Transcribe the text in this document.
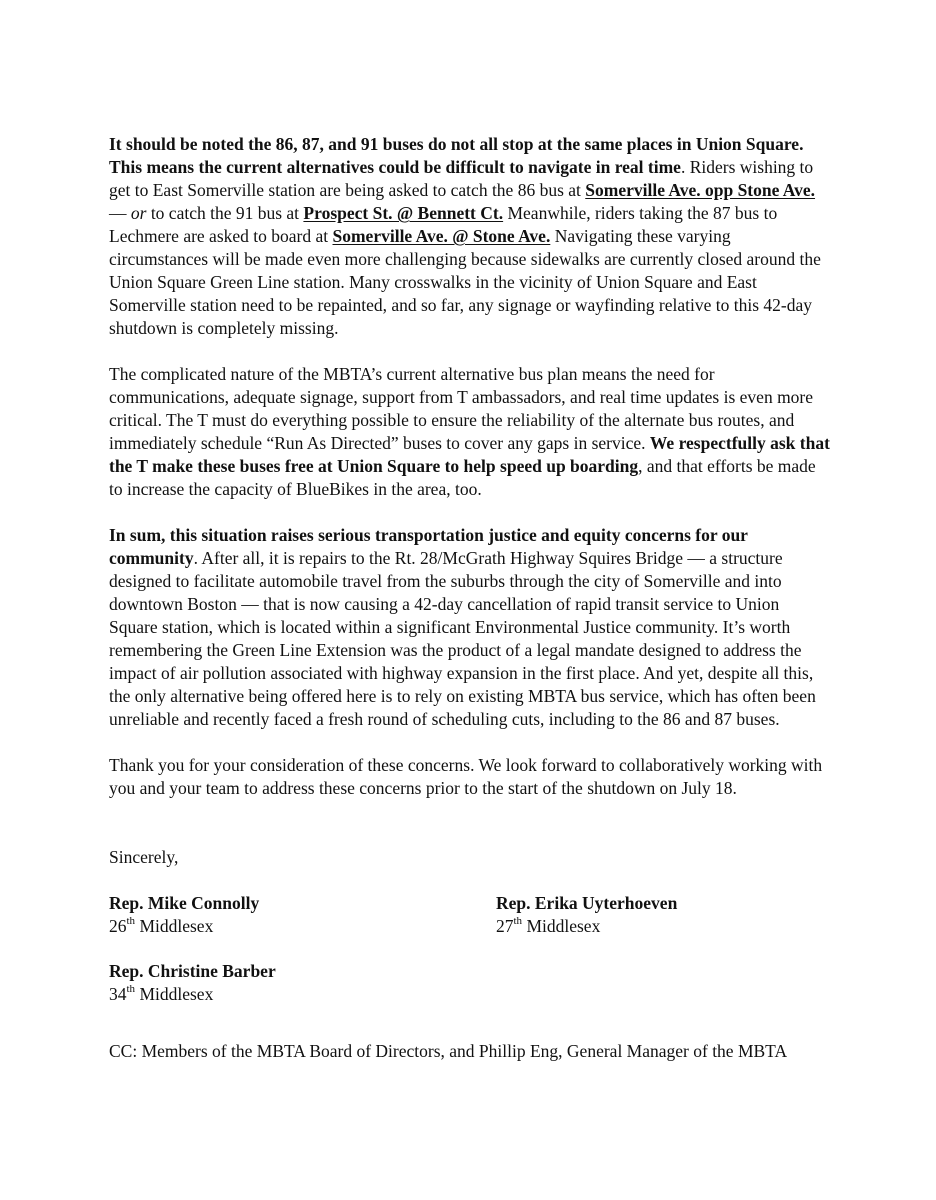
It should be noted the 86, 87, and 91 buses do not all stop at the same places in Union Square. This means the current alternatives could be difficult to navigate in real time. Riders wishing to get to East Somerville station are being asked to catch the 86 bus at Somerville Ave. opp Stone Ave. — or to catch the 91 bus at Prospect St. @ Bennett Ct. Meanwhile, riders taking the 87 bus to Lechmere are asked to board at Somerville Ave. @ Stone Ave. Navigating these varying circumstances will be made even more challenging because sidewalks are currently closed around the Union Square Green Line station. Many crosswalks in the vicinity of Union Square and East Somerville station need to be repainted, and so far, any signage or wayfinding relative to this 42-day shutdown is completely missing.

The complicated nature of the MBTA’s current alternative bus plan means the need for communications, adequate signage, support from T ambassadors, and real time updates is even more critical. The T must do everything possible to ensure the reliability of the alternate bus routes, and immediately schedule “Run As Directed” buses to cover any gaps in service. We respectfully ask that the T make these buses free at Union Square to help speed up boarding, and that efforts be made to increase the capacity of BlueBikes in the area, too.

In sum, this situation raises serious transportation justice and equity concerns for our community. After all, it is repairs to the Rt. 28/McGrath Highway Squires Bridge — a structure designed to facilitate automobile travel from the suburbs through the city of Somerville and into downtown Boston — that is now causing a 42-day cancellation of rapid transit service to Union Square station, which is located within a significant Environmental Justice community. It’s worth remembering the Green Line Extension was the product of a legal mandate designed to address the impact of air pollution associated with highway expansion in the first place. And yet, despite all this, the only alternative being offered here is to rely on existing MBTA bus service, which has often been unreliable and recently faced a fresh round of scheduling cuts, including to the 86 and 87 buses.

Thank you for your consideration of these concerns. We look forward to collaboratively working with you and your team to address these concerns prior to the start of the shutdown on July 18.

Sincerely,

Rep. Mike Connolly
26th Middlesex
Rep. Erika Uyterhoeven
27th Middlesex
Rep. Christine Barber
34th Middlesex

CC: Members of the MBTA Board of Directors, and Phillip Eng, General Manager of the MBTA
